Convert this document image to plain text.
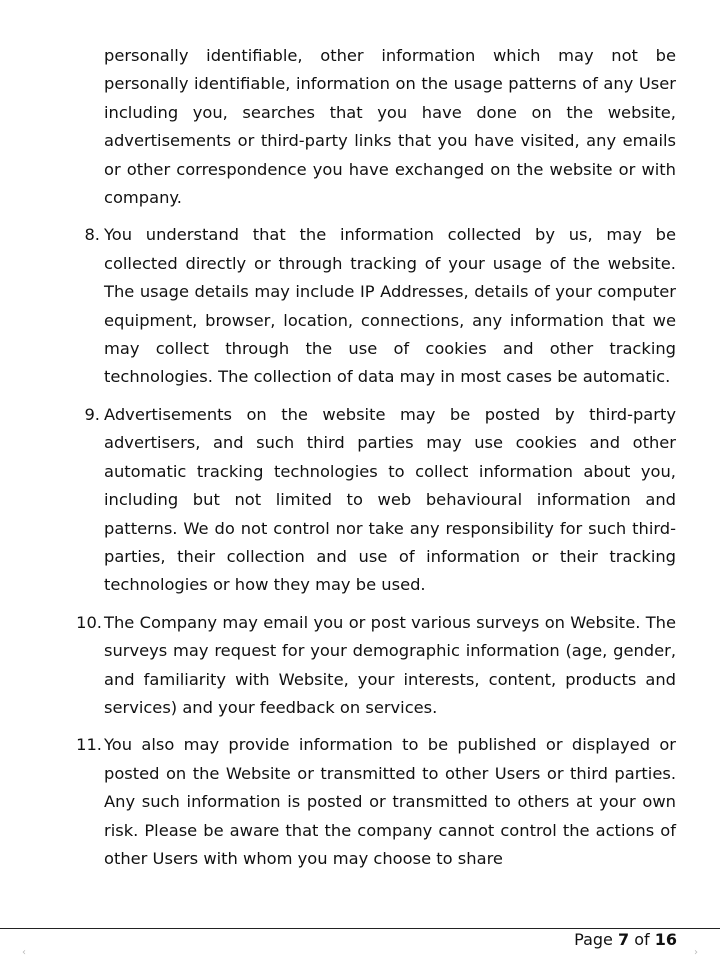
personally identifiable, other information which may not be personally identifiable, information on the usage patterns of any User including you, searches that you have done on the website, advertisements or third-party links that you have visited, any emails or other correspondence you have exchanged on the website or with company.

8. You understand that the information collected by us, may be collected directly or through tracking of your usage of the website. The usage details may include IP Addresses, details of your computer equipment, browser, location, connections, any information that we may collect through the use of cookies and other tracking technologies. The collection of data may in most cases be automatic.

9. Advertisements on the website may be posted by third-party advertisers, and such third parties may use cookies and other automatic tracking technologies to collect information about you, including but not limited to web behavioural information and patterns. We do not control nor take any responsibility for such third-parties, their collection and use of information or their tracking technologies or how they may be used.

10. The Company may email you or post various surveys on Website. The surveys may request for your demographic information (age, gender, and familiarity with Website, your interests, content, products and services) and your feedback on services.

11. You also may provide information to be published or displayed or posted on the Website or transmitted to other Users or third parties. Any such information is posted or transmitted to others at your own risk. Please be aware that the company cannot control the actions of other Users with whom you may choose to share

Page 7 of 16
‹	›
